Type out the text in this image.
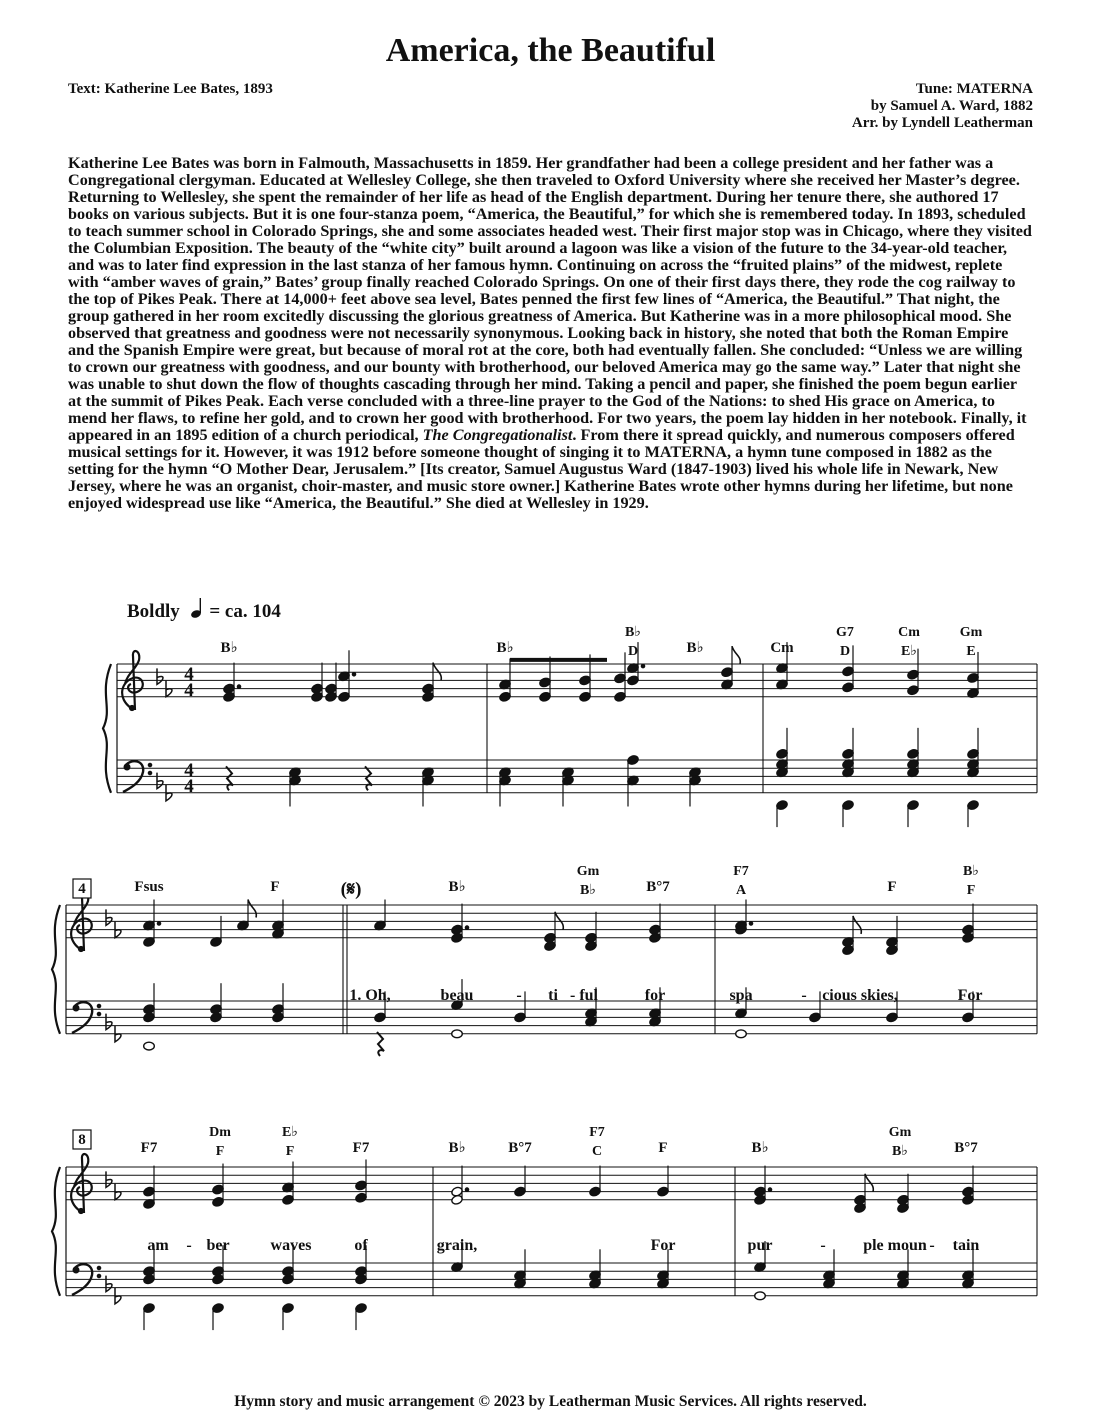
America, the Beautiful
Text: Katherine Lee Bates, 1893	Tune: MATERNA
by Samuel A. Ward, 1882
Arr. by Lyndell Leatherman
Katherine Lee Bates was born in Falmouth, Massachusetts in 1859. Her grandfather had been a college president and her father was a Congregational clergyman. Educated at Wellesley College, she then traveled to Oxford University where she received her Master’s degree. Returning to Wellesley, she spent the remainder of her life as head of the English department. During her tenure there, she authored 17 books on various subjects. But it is one four-stanza poem, “America, the Beautiful,” for which she is remembered today. In 1893, scheduled to teach summer school in Colorado Springs, she and some associates headed west. Their first major stop was in Chicago, where they visited the Columbian Exposition. The beauty of the “white city” built around a lagoon was like a vision of the future to the 34-year-old teacher, and was to later find expression in the last stanza of her famous hymn. Continuing on across the “fruited plains” of the midwest, replete with “amber waves of grain,” Bates’ group finally reached Colorado Springs. On one of their first days there, they rode the cog railway to the top of Pikes Peak. There at 14,000+ feet above sea level, Bates penned the first few lines of “America, the Beautiful.” That night, the group gathered in her room excitedly discussing the glorious greatness of America. But Katherine was in a more philosophical mood. She observed that greatness and goodness were not necessarily synonymous. Looking back in history, she noted that both the Roman Empire and the Spanish Empire were great, but because of moral rot at the core, both had eventually fallen. She concluded: “Unless we are willing to crown our greatness with goodness, and our bounty with brotherhood, our beloved America may go the same way.” Later that night she was unable to shut down the flow of thoughts cascading through her mind. Taking a pencil and paper, she finished the poem begun earlier at the summit of Pikes Peak. Each verse concluded with a three-line prayer to the God of the Nations: to shed His grace on America, to mend her flaws, to refine her gold, and to crown her good with brotherhood. For two years, the poem lay hidden in her notebook. Finally, it appeared in an 1895 edition of a church periodical, The Congregationalist. From there it spread quickly, and numerous composers offered musical settings for it. However, it was 1912 before someone thought of singing it to MATERNA, a hymn tune composed in 1882 as the setting for the hymn “O Mother Dear, Jerusalem.” [Its creator, Samuel Augustus Ward (1847-1903) lived his whole life in Newark, New Jersey, where he was an organist, choir-master, and music store owner.] Katherine Bates wrote other hymns during her lifetime, but none enjoyed widespread use like “America, the Beautiful.” She died at Wellesley in 1929.
Boldly = ca. 104
4
8
4
4
4
4
B♭	B♭
B♭
D	B♭	Cm
G7
D
Cm
E♭
Gm
E
Fsus	F	B♭
Gm
B♭	B°7
F7
A	F
B♭
F
F7
Dm
F
E♭
F	F7	B♭	B°7
F7
C	F	B♭
Gm
B♭	B°7
(𝄋)
1. Oh,	beau	- ti - ful	for	spa	- cious skies,	For
am - ber	waves	of	grain,	For	pur	- ple moun - tain
Hymn story and music arrangement © 2023 by Leatherman Music Services. All rights reserved.
